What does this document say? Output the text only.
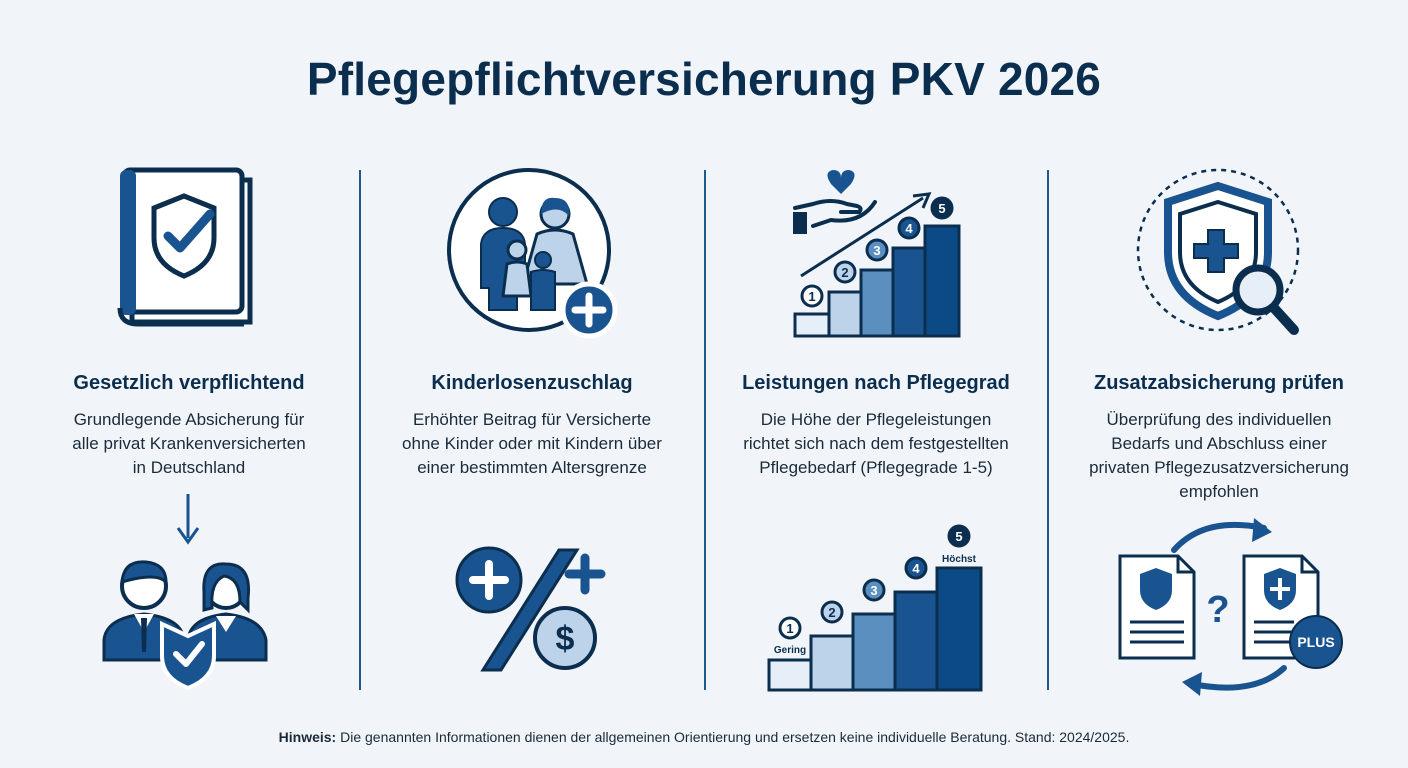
Pflegepflichtversicherung PKV 2026
Gesetzlich verpflichtend
Grundlegende Absicherung für
alle privat Krankenversicherten
in Deutschland
Kinderlosenzuschlag
Erhöhter Beitrag für Versicherte
ohne Kinder oder mit Kindern über
einer bestimmten Altersgrenze
$
1
2
3
4
5
Leistungen nach Pflegegrad
Die Höhe der Pflegeleistungen
richtet sich nach dem festgestellten
Pflegebedarf (Pflegegrade 1-5)
1
Gering
2
3
4
5
Höchst
Zusatzabsicherung prüfen
Überprüfung des individuellen
Bedarfs und Abschluss einer
privaten Pflegezusatzversicherung
empfohlen
?
PLUS
Hinweis: Die genannten Informationen dienen der allgemeinen Orientierung und ersetzen keine individuelle Beratung. Stand: 2024/2025.
